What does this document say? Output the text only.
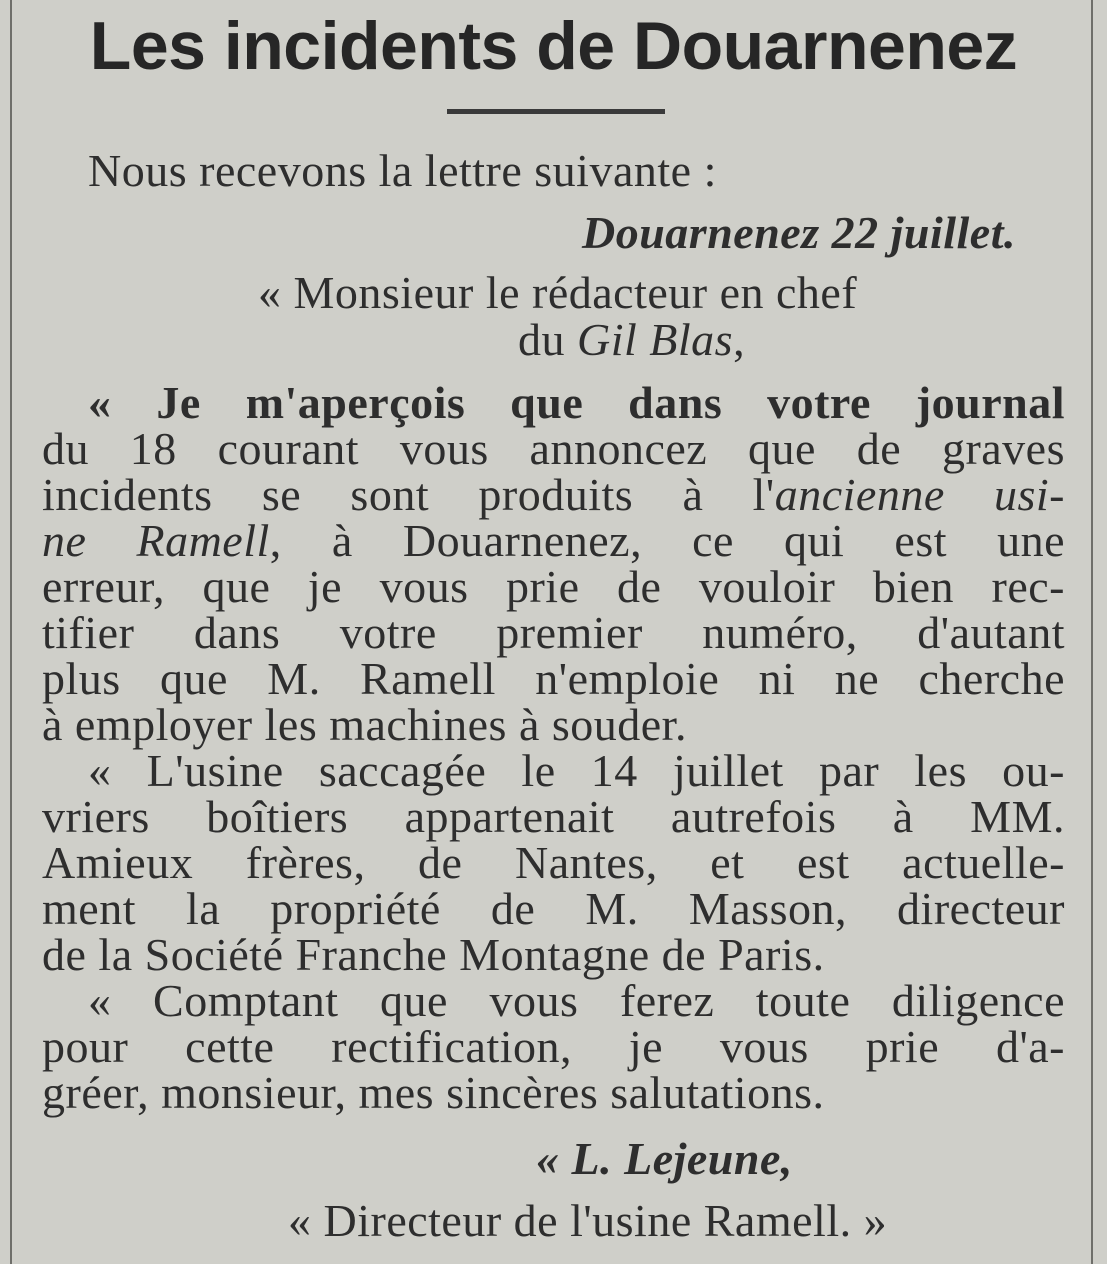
Les incidents de Douarnenez
Nous recevons la lettre suivante :
Douarnenez 22 juillet.
« Monsieur le rédacteur en chef
du Gil Blas,
« Je m'aperçois que dans votre journal
du 18 courant vous annoncez que de graves
incidents se sont produits à l'ancienne usi-
ne Ramell, à Douarnenez, ce qui est une
erreur, que je vous prie de vouloir bien rec-
tifier dans votre premier numéro, d'autant
plus que M. Ramell n'emploie ni ne cherche
à employer les machines à souder.
« L'usine saccagée le 14 juillet par les ou-
vriers boîtiers appartenait autrefois à MM.
Amieux frères, de Nantes, et est actuelle-
ment la propriété de M. Masson, directeur
de la Société Franche Montagne de Paris.
« Comptant que vous ferez toute diligence
pour cette rectification, je vous prie d'a-
gréer, monsieur, mes sincères salutations.
« L. Lejeune,
« Directeur de l'usine Ramell. »
